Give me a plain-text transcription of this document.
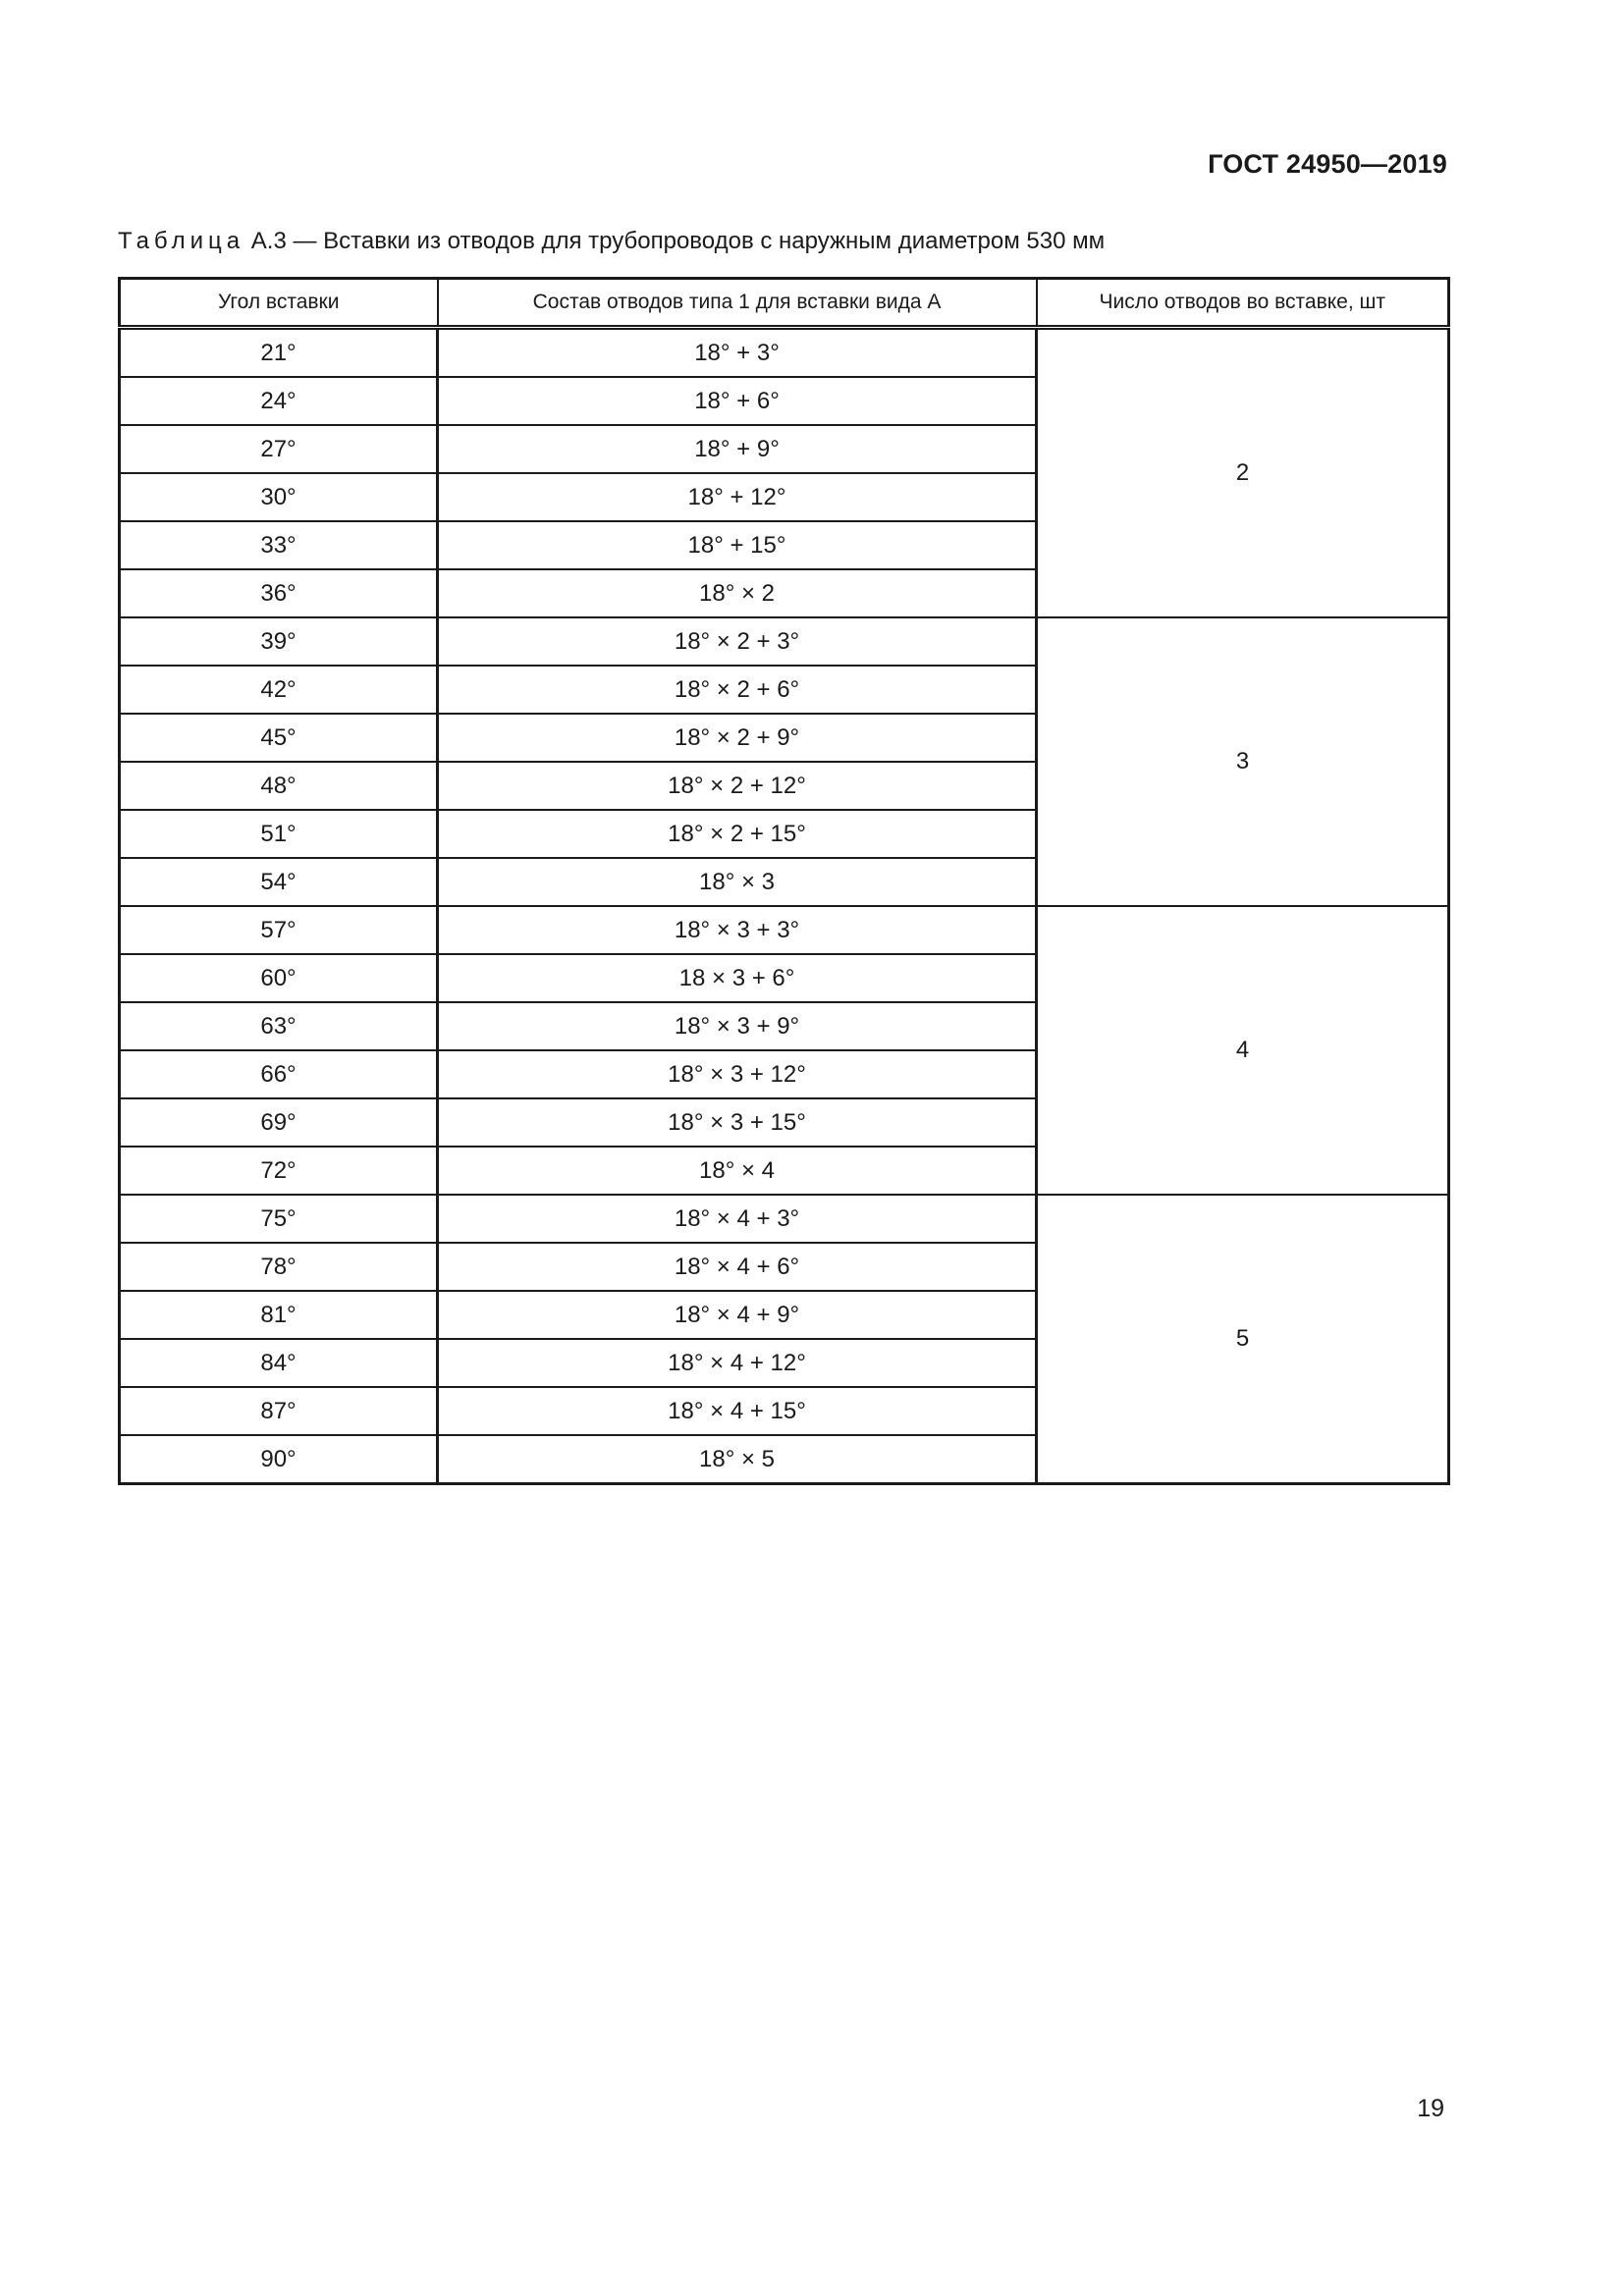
ГОСТ 24950—2019
Таблица А.3 — Вставки из отводов для трубопроводов с наружным диаметром 530 мм
Угол вставки	Состав отводов типа 1 для вставки вида А	Число отводов во вставке, шт
21°	18° + 3°	2
24°	18° + 6°	
27°	18° + 9°	
30°	18° + 12°	
33°	18° + 15°	
36°	18° × 2	
39°	18° × 2 + 3°	3
42°	18° × 2 + 6°	
45°	18° × 2 + 9°	
48°	18° × 2 + 12°	
51°	18° × 2 + 15°	
54°	18° × 3	
57°	18° × 3 + 3°	4
60°	18 × 3 + 6°	
63°	18° × 3 + 9°	
66°	18° × 3 + 12°	
69°	18° × 3 + 15°	
72°	18° × 4	
75°	18° × 4 + 3°	5
78°	18° × 4 + 6°	
81°	18° × 4 + 9°	
84°	18° × 4 + 12°	
87°	18° × 4 + 15°	
90°	18° × 5	
19
